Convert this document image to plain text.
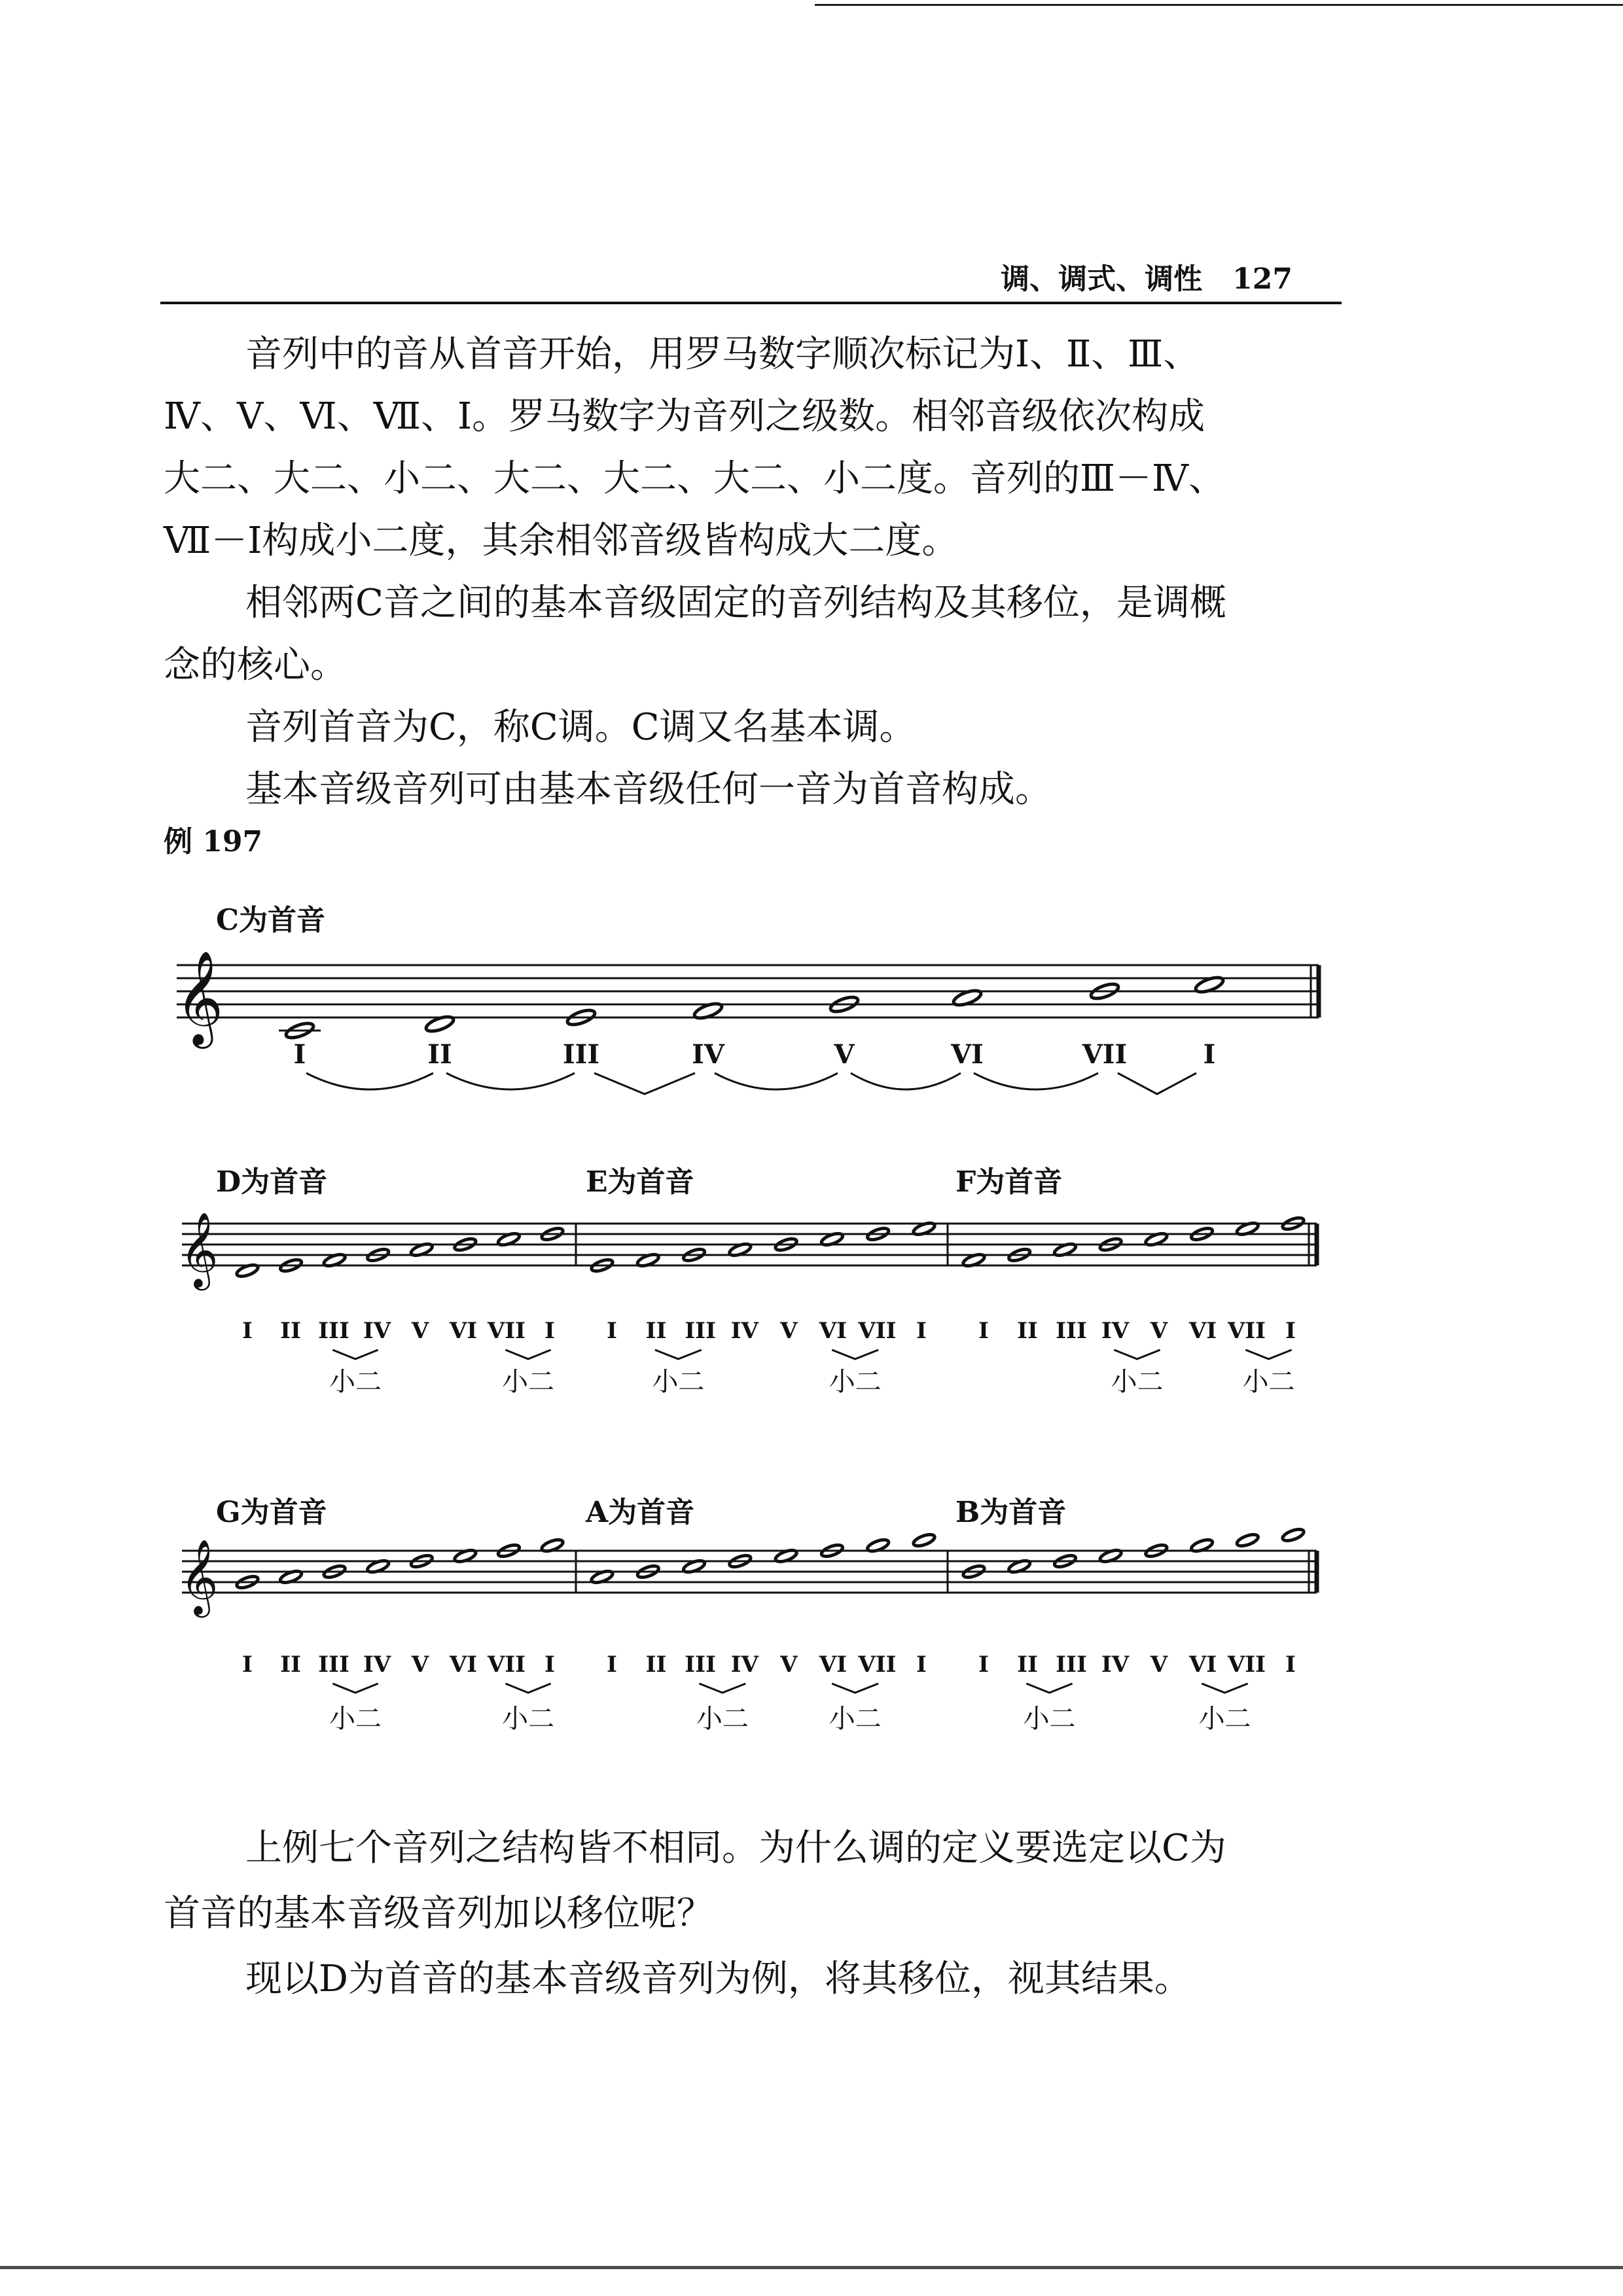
调、调式、调性 127

音列中的音从首音开始，用罗马数字顺次标记为Ⅰ、Ⅱ、Ⅲ、

Ⅳ、Ⅴ、Ⅵ、Ⅶ、Ⅰ。罗马数字为音列之级数。相邻音级依次构成

大二、大二、小二、大二、大二、大二、小二度。音列的Ⅲ－Ⅳ、

Ⅶ－Ⅰ构成小二度，其余相邻音级皆构成大二度。

相邻两C音之间的基本音级固定的音列结构及其移位，是调概

念的核心。

音列首音为C，称C调。C调又名基本调。

基本音级音列可由基本音级任何一音为首音构成。

例 197
C为首音
D为首音	E为首音	F为首音
G为首音	A为首音	B为首音
𝄞
I	II	III	IV	V	VI	VII	I
𝄞
I II III IV V VI VII I
小二	小二
I II III IV V VI VII I
小二	小二
I II III IV V VI VII I
小二	小二
𝄞
I II III IV V VI VII I
小二	小二
I II III IV V VI VII I
小二	小二
I II III IV V VI VII I
小二	小二

上例七个音列之结构皆不相同。为什么调的定义要选定以C为

首音的基本音级音列加以移位呢？

现以D为首音的基本音级音列为例，将其移位，视其结果。
